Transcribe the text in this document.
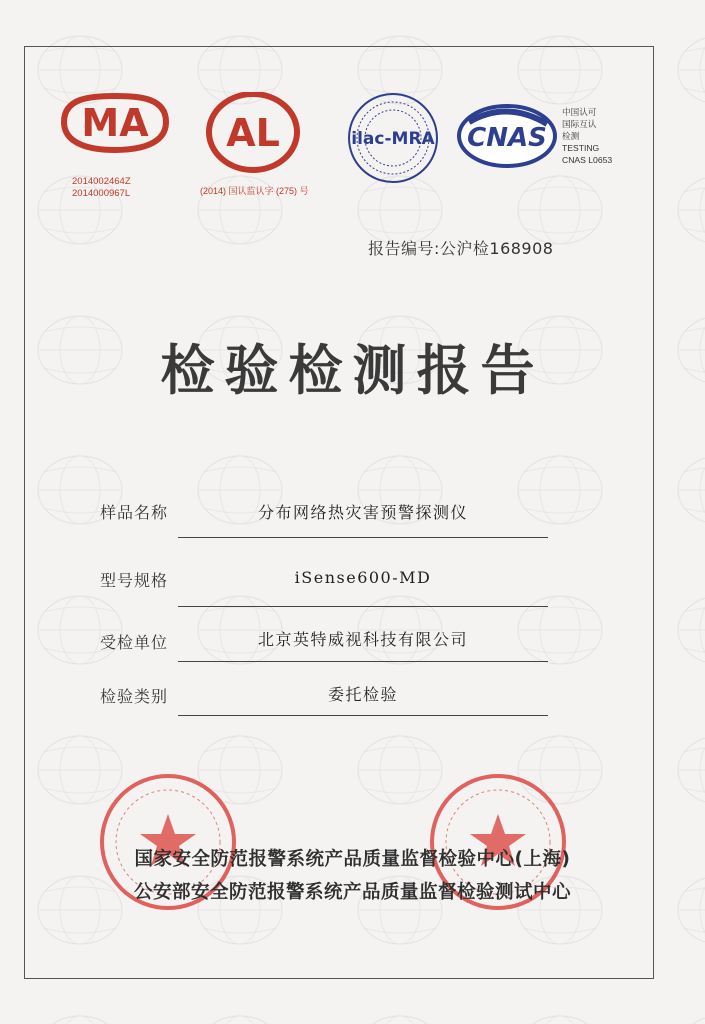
MA
2014002464Z
2014000967L
AL
(2014) 国认监认字 (275) 号
ilac-MRA CNAS
中国认可
国际互认
检测
TESTING
CNAS L0653
报告编号:公沪检168908
检验检测报告
样品名称	分布网络热灾害预警探测仪
型号规格	iSense600-MD
受检单位	北京英特威视科技有限公司
检验类别	委托检验
国家安全防范报警系统产品质量监督检验中心(上海)
公安部安全防范报警系统产品质量监督检验测试中心
